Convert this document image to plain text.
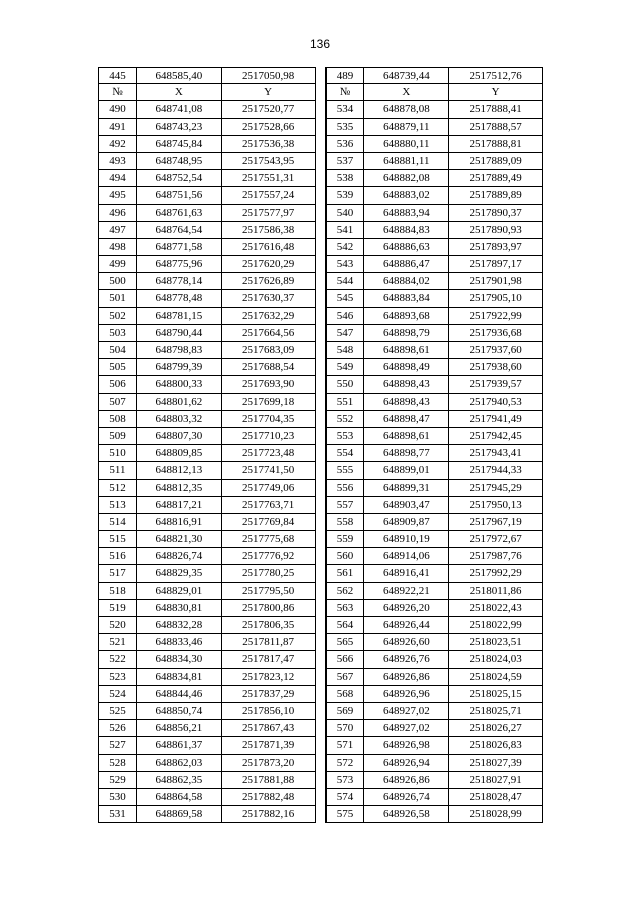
136
445	648585,40	2517050,98	489	648739,44	2517512,76
№	X	Y	№	X	Y
490	648741,08	2517520,77	534	648878,08	2517888,41
491	648743,23	2517528,66	535	648879,11	2517888,57
492	648745,84	2517536,38	536	648880,11	2517888,81
493	648748,95	2517543,95	537	648881,11	2517889,09
494	648752,54	2517551,31	538	648882,08	2517889,49
495	648751,56	2517557,24	539	648883,02	2517889,89
496	648761,63	2517577,97	540	648883,94	2517890,37
497	648764,54	2517586,38	541	648884,83	2517890,93
498	648771,58	2517616,48	542	648886,63	2517893,97
499	648775,96	2517620,29	543	648886,47	2517897,17
500	648778,14	2517626,89	544	648884,02	2517901,98
501	648778,48	2517630,37	545	648883,84	2517905,10
502	648781,15	2517632,29	546	648893,68	2517922,99
503	648790,44	2517664,56	547	648898,79	2517936,68
504	648798,83	2517683,09	548	648898,61	2517937,60
505	648799,39	2517688,54	549	648898,49	2517938,60
506	648800,33	2517693,90	550	648898,43	2517939,57
507	648801,62	2517699,18	551	648898,43	2517940,53
508	648803,32	2517704,35	552	648898,47	2517941,49
509	648807,30	2517710,23	553	648898,61	2517942,45
510	648809,85	2517723,48	554	648898,77	2517943,41
511	648812,13	2517741,50	555	648899,01	2517944,33
512	648812,35	2517749,06	556	648899,31	2517945,29
513	648817,21	2517763,71	557	648903,47	2517950,13
514	648816,91	2517769,84	558	648909,87	2517967,19
515	648821,30	2517775,68	559	648910,19	2517972,67
516	648826,74	2517776,92	560	648914,06	2517987,76
517	648829,35	2517780,25	561	648916,41	2517992,29
518	648829,01	2517795,50	562	648922,21	2518011,86
519	648830,81	2517800,86	563	648926,20	2518022,43
520	648832,28	2517806,35	564	648926,44	2518022,99
521	648833,46	2517811,87	565	648926,60	2518023,51
522	648834,30	2517817,47	566	648926,76	2518024,03
523	648834,81	2517823,12	567	648926,86	2518024,59
524	648844,46	2517837,29	568	648926,96	2518025,15
525	648850,74	2517856,10	569	648927,02	2518025,71
526	648856,21	2517867,43	570	648927,02	2518026,27
527	648861,37	2517871,39	571	648926,98	2518026,83
528	648862,03	2517873,20	572	648926,94	2518027,39
529	648862,35	2517881,88	573	648926,86	2518027,91
530	648864,58	2517882,48	574	648926,74	2518028,47
531	648869,58	2517882,16	575	648926,58	2518028,99
